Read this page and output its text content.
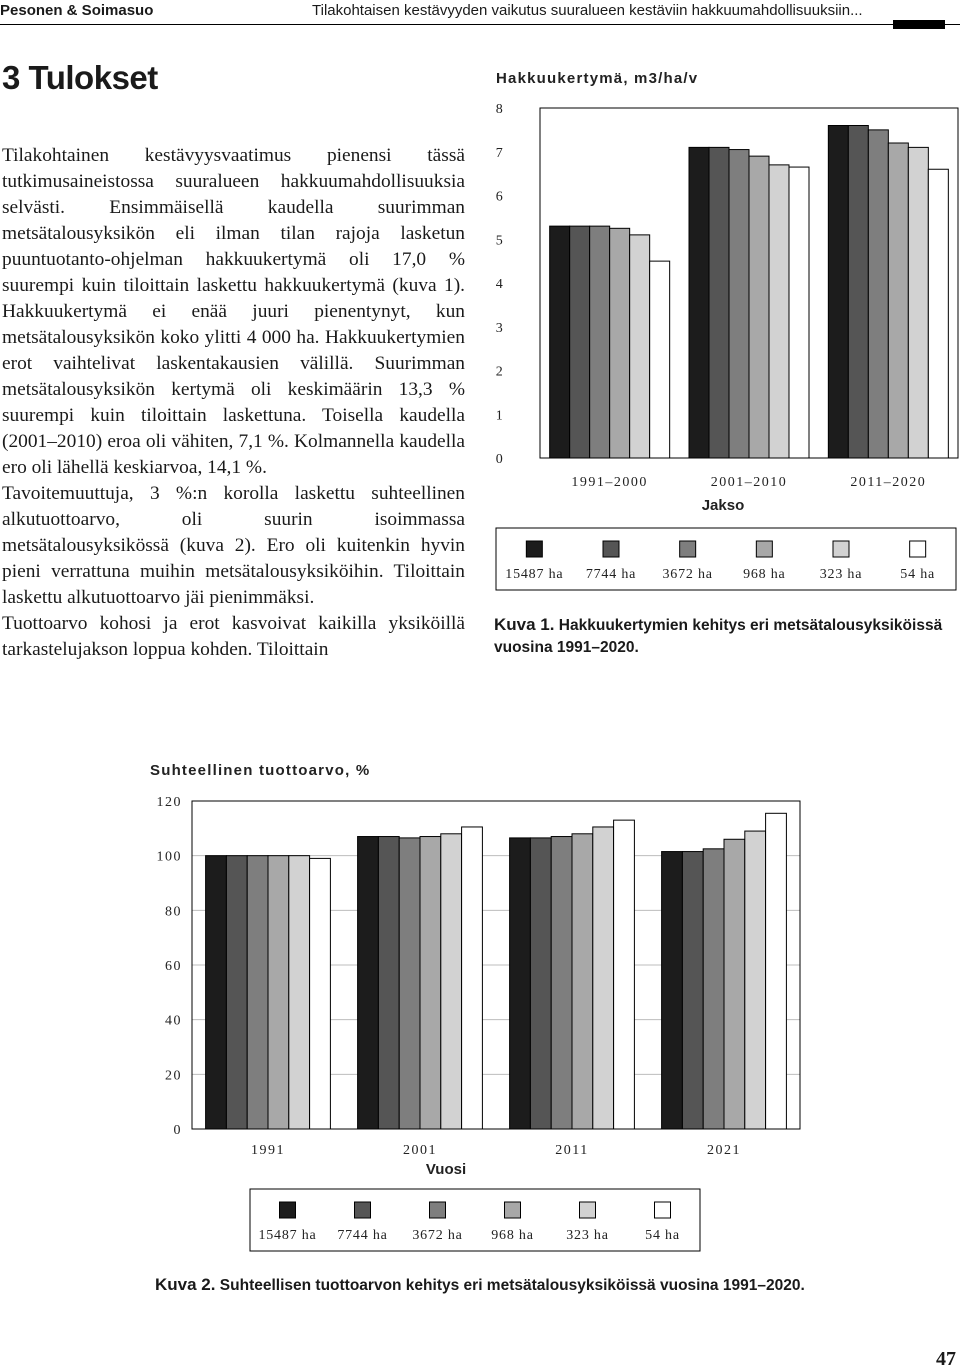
Pesonen & Soimasuo	Tilakohtaisen kestävyyden vaikutus suuralueen kestäviin hakkuumahdollisuuksiin...
3 Tulokset

Tilakohtainen kestävyysvaatimus pienensi tässä tutkimusaineistossa suuralueen hakkuumahdollisuuksia selvästi. Ensimmäisellä kaudella suurimman metsätalousyksikön eli ilman tilan rajoja lasketun puuntuotanto-ohjelman hakkuukertymä oli 17,0 % suurempi kuin tiloittain laskettu hakkuukertymä (kuva 1). Hakkuukertymä ei enää juuri pienentynyt, kun metsätalousyksikön koko ylitti 4 000 ha. Hakkuukertymien erot vaihtelivat laskentakausien välillä. Suurimman metsätalousyksikön kertymä oli keskimäärin 13,3 % suurempi kuin tiloittain laskettuna. Toisella kaudella (2001–2010) eroa oli vähiten, 7,1 %. Kolmannella kaudella ero oli lähellä keskiarvoa, 14,1 %.

Tavoitemuuttuja, 3 %:n korolla laskettu suhteellinen alkutuottoarvo, oli suurin isoimmassa metsätalousyksikössä (kuva 2). Ero oli kuitenkin hyvin pieni verrattuna muihin metsätalousyksiköihin. Tiloittain laskettu alkutuottoarvo jäi pienimmäksi.

Tuottoarvo kohosi ja erot kasvoivat kaikilla yksiköillä tarkastelujakson loppua kohden. Tiloittain

Hakkuukertymä, m3/ha/v
0
1
2
3
4
5
6
7
8
1991–2000	2001–2010	2011–2020
Jakso
15487 ha 7744 ha 3672 ha 968 ha 323 ha	54 ha
Kuva 1. Hakkuukertymien kehitys eri metsätalousyksiköissä vuosina 1991–2020.
Suhteellinen tuottoarvo, %
0
20
40
60
80
100
120
1991	2001	2011	2021
Vuosi
15487 ha 7744 ha 3672 ha 968 ha 323 ha	54 ha
Kuva 2. Suhteellisen tuottoarvon kehitys eri metsätalousyksiköissä vuosina 1991–2020.
47
